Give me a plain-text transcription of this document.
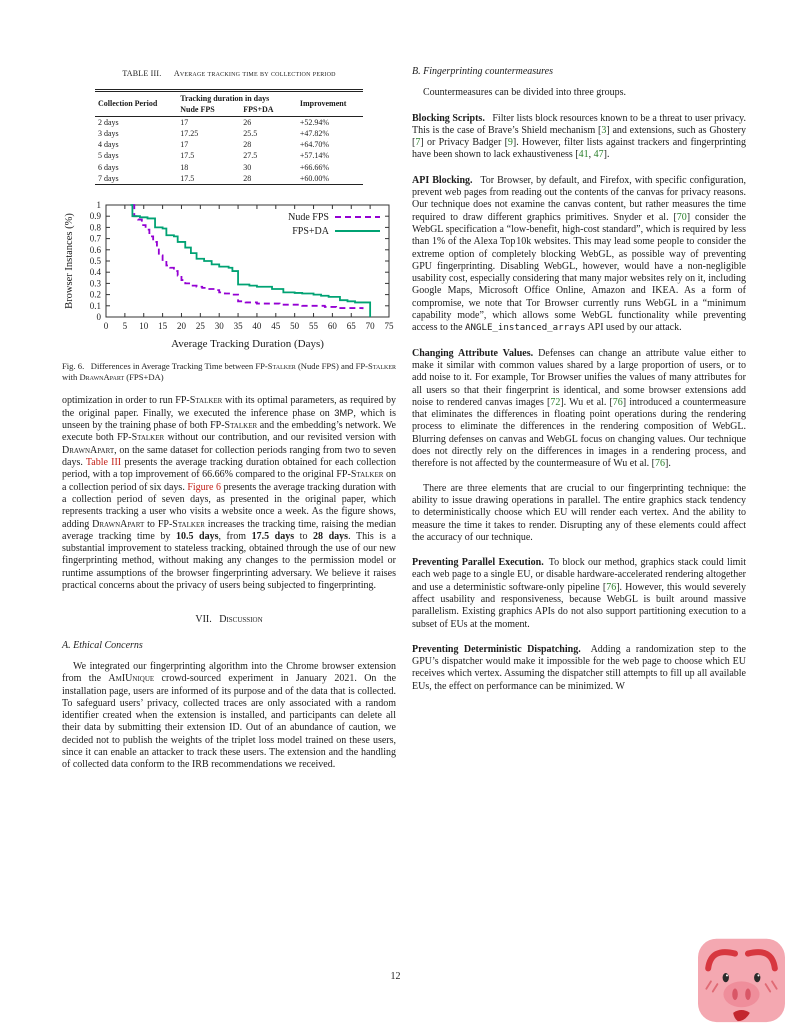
TABLE III.  Average tracking time by collection period
Collection Period	Tracking duration in days		Improvement
	Nude FPS	FPS+DA	
2 days	17	26	+52.94%
3 days	17.25	25.5	+47.82%
4 days	17	28	+64.70%
5 days	17.5	27.5	+57.14%
6 days	18	30	+66.66%
7 days	17.5	28	+60.00%
0 5 10 15 20 25 30 35 40 45 50 55 60 65 70 75
0
0.1
0.2
0.3
0.4
0.5
0.6
0.7
0.8
0.9
1
Nude FPS
FPS+DA
Average Tracking Duration (Days)
Browser Instances (%)
Fig. 6.  Differences in Average Tracking Time between FP-Stalker (Nude FPS) and FP-Stalker with DrawnApart (FPS+DA)

optimization in order to run FP-Stalker with its optimal parameters, as required by the original paper. Finally, we executed the inference phase on 3MP, which is unseen by the training phase of both FP-Stalker and the embedding’s network. We execute both FP-Stalker without our contribution, and our revisited version with DrawnApart, on the same dataset for collection periods ranging from two to seven days. Table III presents the average tracking duration obtained for each collection period, with a top improvement of 66.66% compared to the original FP-Stalker on a collection period of six days. Figure 6 presents the average tracking duration with a collection period of seven days, as presented in the original paper, which represents tracking a user who visits a website once a week. As the figure shows, adding DrawnApart to FP-Stalker increases the tracking time, raising the median average tracking time by 10.5 days, from 17.5 days to 28 days. This is a substantial improvement to stateless tracking, obtained through the use of our new fingerprinting method, without making any changes to the permission model or runtime assumptions of the browser fingerprinting adversary. We believe it raises practical concerns about the privacy of users being subjected to fingerprinting.

VII.  Discussion
A. Ethical Concerns

We integrated our fingerprinting algorithm into the Chrome browser extension from the AmIUnique crowd-sourced experiment in January 2021. On the installation page, users are informed of its purpose and of the data that is collected. To safeguard users’ privacy, collected traces are only associated with a random identifier created when the extension is installed, and participants can delete all their data by submitting their extension ID. Out of an abundance of caution, we decided not to publish the weights of the triplet loss model trained on these users, since it can enable an attacker to track these users. The extension and the handling of collected data conform to the IRB recommendations we received.

B. Fingerprinting countermeasures

Countermeasures can be divided into three groups.

Blocking Scripts.  Filter lists block resources known to be a threat to user privacy. This is the case of Brave’s Shield mechanism [3] and extensions, such as Ghostery [7] or Privacy Badger [9]. However, filter lists against trackers and fingerprinting have been shown to lack exhaustiveness [41, 47].

API Blocking.  Tor Browser, by default, and Firefox, with specific configuration, prevent web pages from reading out the contents of the canvas for privacy reasons. Our technique does not examine the canvas content, but rather measures the time required to draw different graphics primitives. Snyder et al. [70] consider the WebGL specification a “low-benefit, high-cost standard”, which is required by less than 1% of the Alexa Top 10k websites. This may lead some people to consider the extreme option of completely blocking WebGL, as possible way of preventing GPU fingerprinting. Disabling WebGL, however, would have a non-negligible usability cost, especially considering that many major websites rely on it, including Google Maps, Microsoft Office Online, Amazon and IKEA. As a form of compromise, we note that Tor Browser currently runs WebGL in a “minimum capability mode”, which allows some WebGL functionality while preventing access to the ANGLE_instanced_arrays API used by our attack.

Changing Attribute Values. Defenses can change an attribute value either to make it similar with common values shared by a large proportion of users, or to add noise to it. For example, Tor Browser unifies the values of many attributes for all users so that their fingerprint is identical, and some browser extensions add noise to rendered canvas images [72]. Wu et al. [76] introduced a countermeasure that eliminates the differences in floating point operations during the rendering process to eliminate the differences in the rendering composition of WebGL. Blurring defenses on canvas and WebGL focus on changing values. Our technique does not directly rely on the differences in images in a rendering process, and therefore is not affected by the countermeasure of Wu et al. [76].

There are three elements that are crucial to our fingerprinting technique: the ability to issue drawing operations in parallel. The entire graphics stack tendency to deterministically choose which EU will render each vertex. And the ability to measure the time it takes to render. Disrupting any of these elements could affect the accuracy of our technique.

Preventing Parallel Execution. To block our method, graphics stack could limit each web page to a single EU, or disable hardware-accelerated rendering altogether and use a deterministic software-only pipeline [76]. However, this would severely affect usability and responsiveness, because WebGL is built around massive parallelism. Existing graphics APIs do not also support partitioning execution to a subset of EUs at the moment.

Preventing Deterministic Dispatching.  Adding a randomization step to the GPU’s dispatcher would make it impossible for the web page to choose which EU receives which vertex. Assuming the dispatcher still attempts to fill up all available EUs, the effect on performance can be minimized. W

12
